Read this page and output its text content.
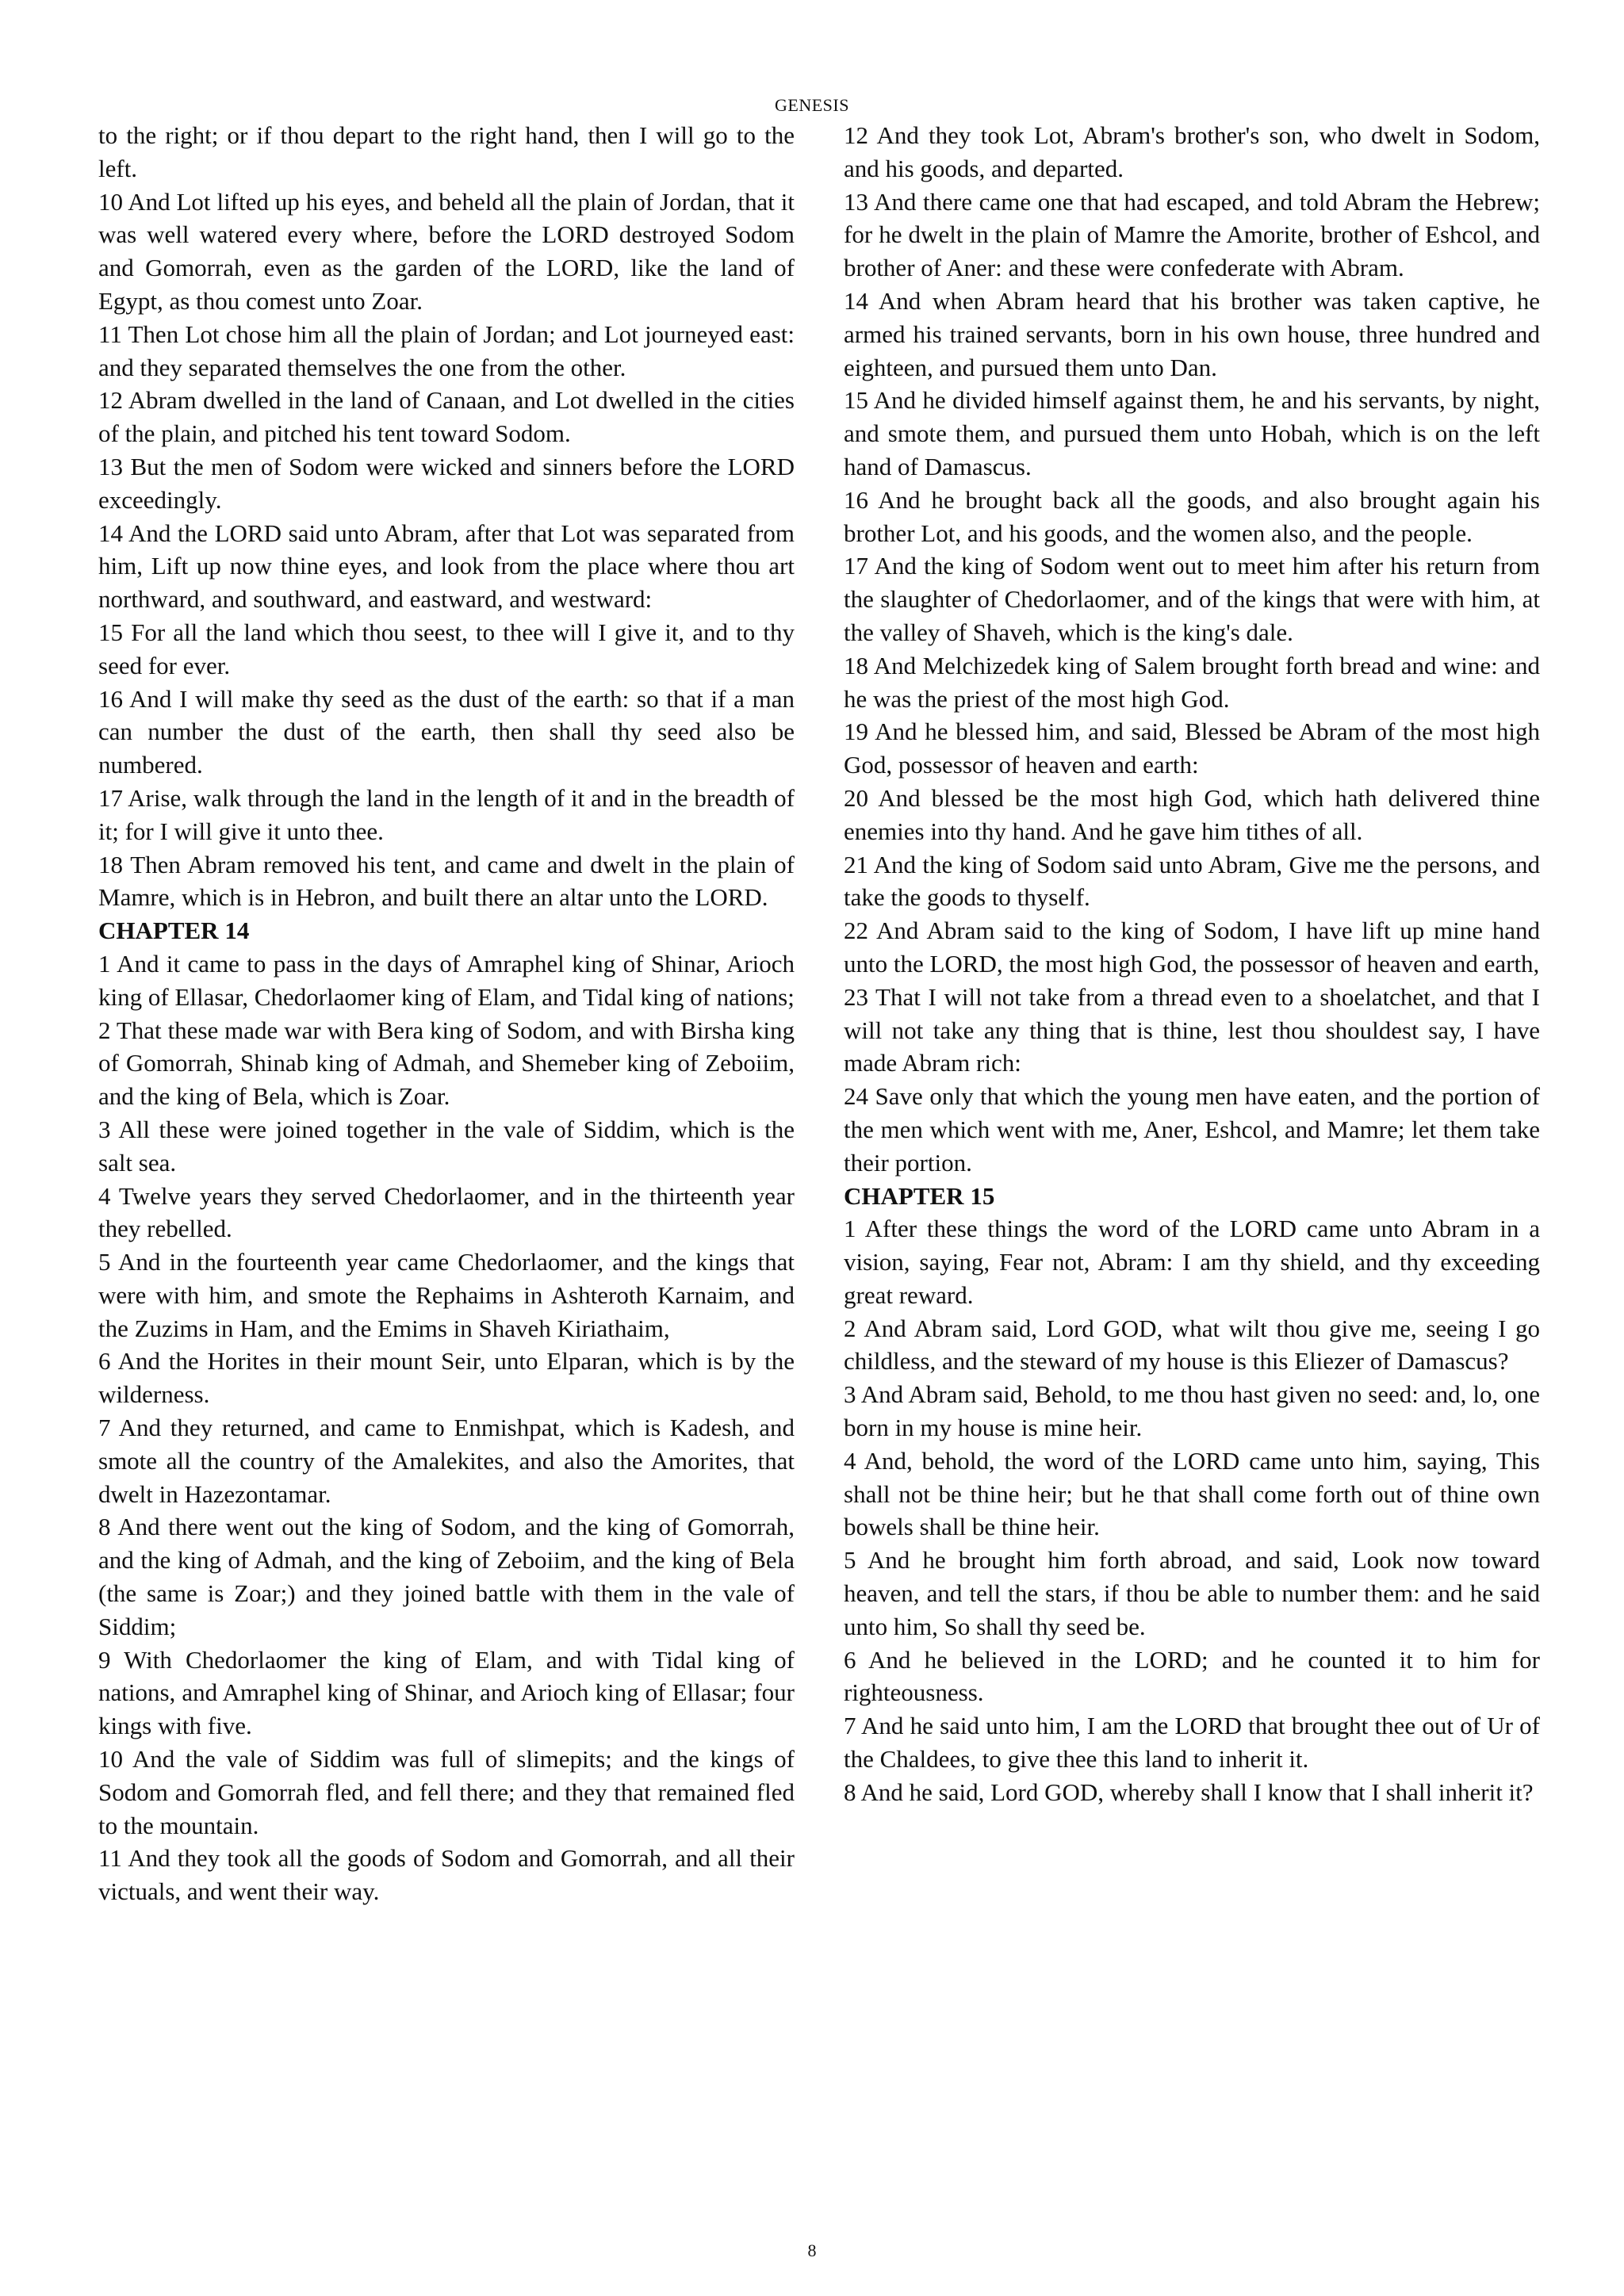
GENESIS

to the right; or if thou depart to the right hand, then I will go to the left.

10 And Lot lifted up his eyes, and beheld all the plain of Jordan, that it was well watered every where, before the LORD destroyed Sodom and Gomorrah, even as the garden of the LORD, like the land of Egypt, as thou comest unto Zoar.

11 Then Lot chose him all the plain of Jordan; and Lot journeyed east: and they separated themselves the one from the other.

12 Abram dwelled in the land of Canaan, and Lot dwelled in the cities of the plain, and pitched his tent toward Sodom.

13 But the men of Sodom were wicked and sinners before the LORD exceedingly.

14 And the LORD said unto Abram, after that Lot was separated from him, Lift up now thine eyes, and look from the place where thou art northward, and southward, and eastward, and westward:

15 For all the land which thou seest, to thee will I give it, and to thy seed for ever.

16 And I will make thy seed as the dust of the earth: so that if a man can number the dust of the earth, then shall thy seed also be numbered.

17 Arise, walk through the land in the length of it and in the breadth of it; for I will give it unto thee.

18 Then Abram removed his tent, and came and dwelt in the plain of Mamre, which is in Hebron, and built there an altar unto the LORD.

CHAPTER 14

1 And it came to pass in the days of Amraphel king of Shinar, Arioch king of Ellasar, Chedorlaomer king of Elam, and Tidal king of nations;

2 That these made war with Bera king of Sodom, and with Birsha king of Gomorrah, Shinab king of Admah, and Shemeber king of Zeboiim, and the king of Bela, which is Zoar.

3 All these were joined together in the vale of Siddim, which is the salt sea.

4 Twelve years they served Chedorlaomer, and in the thirteenth year they rebelled.

5 And in the fourteenth year came Chedorlaomer, and the kings that were with him, and smote the Rephaims in Ashteroth Karnaim, and the Zuzims in Ham, and the Emims in Shaveh Kiriathaim,

6 And the Horites in their mount Seir, unto Elparan, which is by the wilderness.

7 And they returned, and came to Enmishpat, which is Kadesh, and smote all the country of the Amalekites, and also the Amorites, that dwelt in Hazezontamar.

8 And there went out the king of Sodom, and the king of Gomorrah, and the king of Admah, and the king of Zeboiim, and the king of Bela (the same is Zoar;) and they joined battle with them in the vale of Siddim;

9 With Chedorlaomer the king of Elam, and with Tidal king of nations, and Amraphel king of Shinar, and Arioch king of Ellasar; four kings with five.

10 And the vale of Siddim was full of slimepits; and the kings of Sodom and Gomorrah fled, and fell there; and they that remained fled to the mountain.

11 And they took all the goods of Sodom and Gomorrah, and all their victuals, and went their way.

12 And they took Lot, Abram's brother's son, who dwelt in Sodom, and his goods, and departed.

13 And there came one that had escaped, and told Abram the Hebrew; for he dwelt in the plain of Mamre the Amorite, brother of Eshcol, and brother of Aner: and these were confederate with Abram.

14 And when Abram heard that his brother was taken captive, he armed his trained servants, born in his own house, three hundred and eighteen, and pursued them unto Dan.

15 And he divided himself against them, he and his servants, by night, and smote them, and pursued them unto Hobah, which is on the left hand of Damascus.

16 And he brought back all the goods, and also brought again his brother Lot, and his goods, and the women also, and the people.

17 And the king of Sodom went out to meet him after his return from the slaughter of Chedorlaomer, and of the kings that were with him, at the valley of Shaveh, which is the king's dale.

18 And Melchizedek king of Salem brought forth bread and wine: and he was the priest of the most high God.

19 And he blessed him, and said, Blessed be Abram of the most high God, possessor of heaven and earth:

20 And blessed be the most high God, which hath delivered thine enemies into thy hand. And he gave him tithes of all.

21 And the king of Sodom said unto Abram, Give me the persons, and take the goods to thyself.

22 And Abram said to the king of Sodom, I have lift up mine hand unto the LORD, the most high God, the possessor of heaven and earth,

23 That I will not take from a thread even to a shoelatchet, and that I will not take any thing that is thine, lest thou shouldest say, I have made Abram rich:

24 Save only that which the young men have eaten, and the portion of the men which went with me, Aner, Eshcol, and Mamre; let them take their portion.

CHAPTER 15

1 After these things the word of the LORD came unto Abram in a vision, saying, Fear not, Abram: I am thy shield, and thy exceeding great reward.

2 And Abram said, Lord GOD, what wilt thou give me, seeing I go childless, and the steward of my house is this Eliezer of Damascus?

3 And Abram said, Behold, to me thou hast given no seed: and, lo, one born in my house is mine heir.

4 And, behold, the word of the LORD came unto him, saying, This shall not be thine heir; but he that shall come forth out of thine own bowels shall be thine heir.

5 And he brought him forth abroad, and said, Look now toward heaven, and tell the stars, if thou be able to number them: and he said unto him, So shall thy seed be.

6 And he believed in the LORD; and he counted it to him for righteousness.

7 And he said unto him, I am the LORD that brought thee out of Ur of the Chaldees, to give thee this land to inherit it.

8 And he said, Lord GOD, whereby shall I know that I shall inherit it?

8
